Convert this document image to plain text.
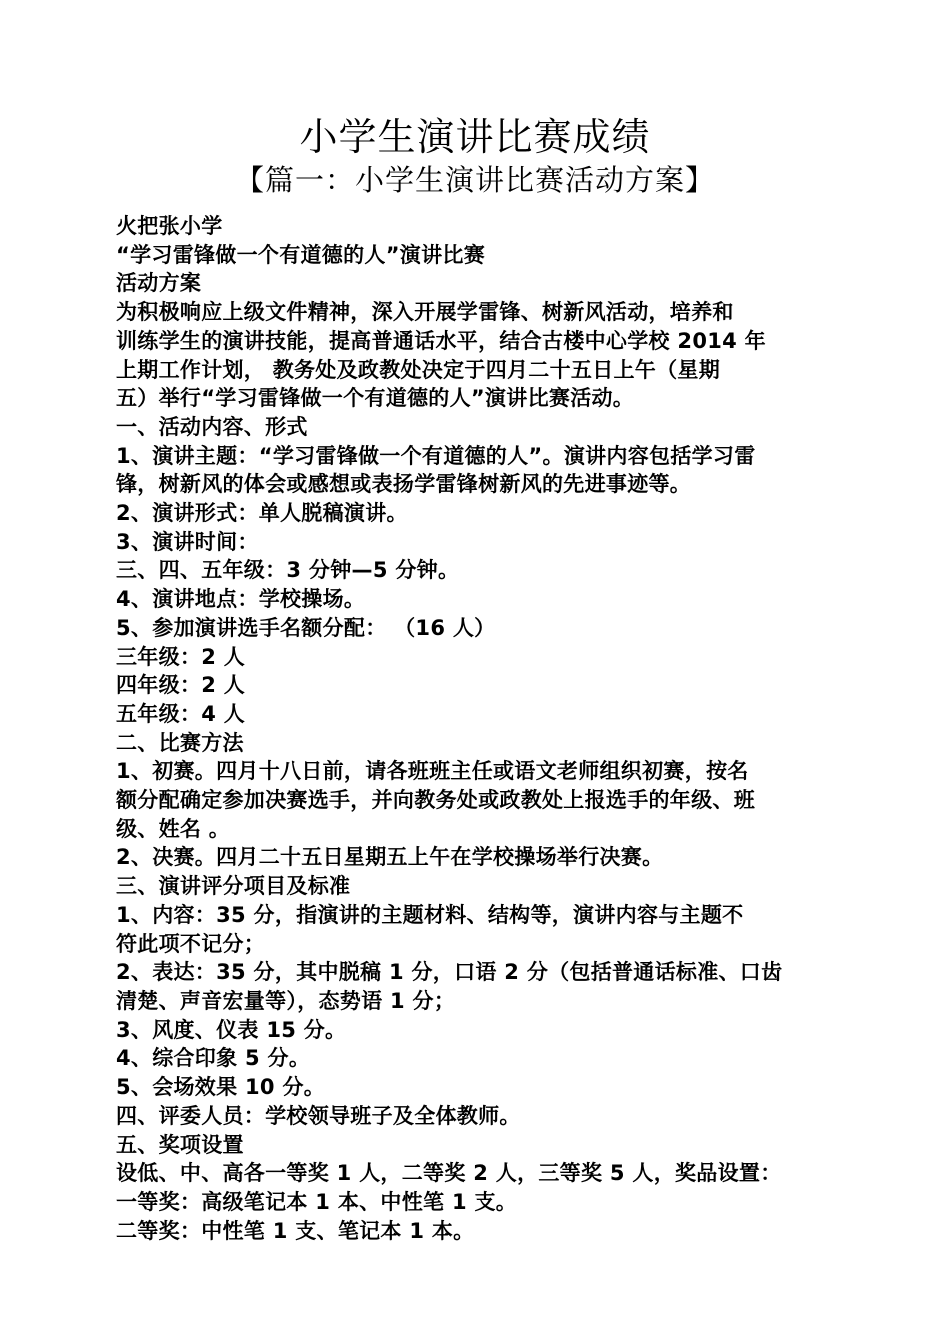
小学生演讲比赛成绩
【篇一：小学生演讲比赛活动方案】
火把张小学
“学习雷锋做一个有道德的人”演讲比赛
活动方案
为积极响应上级文件精神，深入开展学雷锋、树新风活动，培养和
训练学生的演讲技能，提高普通话水平，结合古楼中心学校 2014 年
上期工作计划， 教务处及政教处决定于四月二十五日上午（星期
五）举行“学习雷锋做一个有道德的人”演讲比赛活动。
一、活动内容、形式
1、演讲主题：“学习雷锋做一个有道德的人”。演讲内容包括学习雷
锋，树新风的体会或感想或表扬学雷锋树新风的先进事迹等。
2、演讲形式：单人脱稿演讲。
3、演讲时间：
三、四、五年级：3 分钟—5 分钟。
4、演讲地点：学校操场。
5、参加演讲选手名额分配： （16 人）
三年级：2 人
四年级：2 人
五年级：4 人
二、比赛方法
1、初赛。四月十八日前，请各班班主任或语文老师组织初赛，按名
额分配确定参加决赛选手，并向教务处或政教处上报选手的年级、班
级、姓名 。
2、决赛。四月二十五日星期五上午在学校操场举行决赛。
三、演讲评分项目及标准
1、内容：35 分，指演讲的主题材料、结构等，演讲内容与主题不
符此项不记分；
2、表达：35 分，其中脱稿 1 分，口语 2 分（包括普通话标准、口齿
清楚、声音宏量等），态势语 1 分；
3、风度、仪表 15 分。
4、综合印象 5 分。
5、会场效果 10 分。
四、评委人员：学校领导班子及全体教师。
五、奖项设置
设低、中、高各一等奖 1 人，二等奖 2 人，三等奖 5 人，奖品设置：
一等奖：高级笔记本 1 本、中性笔 1 支。
二等奖：中性笔 1 支、笔记本 1 本。
